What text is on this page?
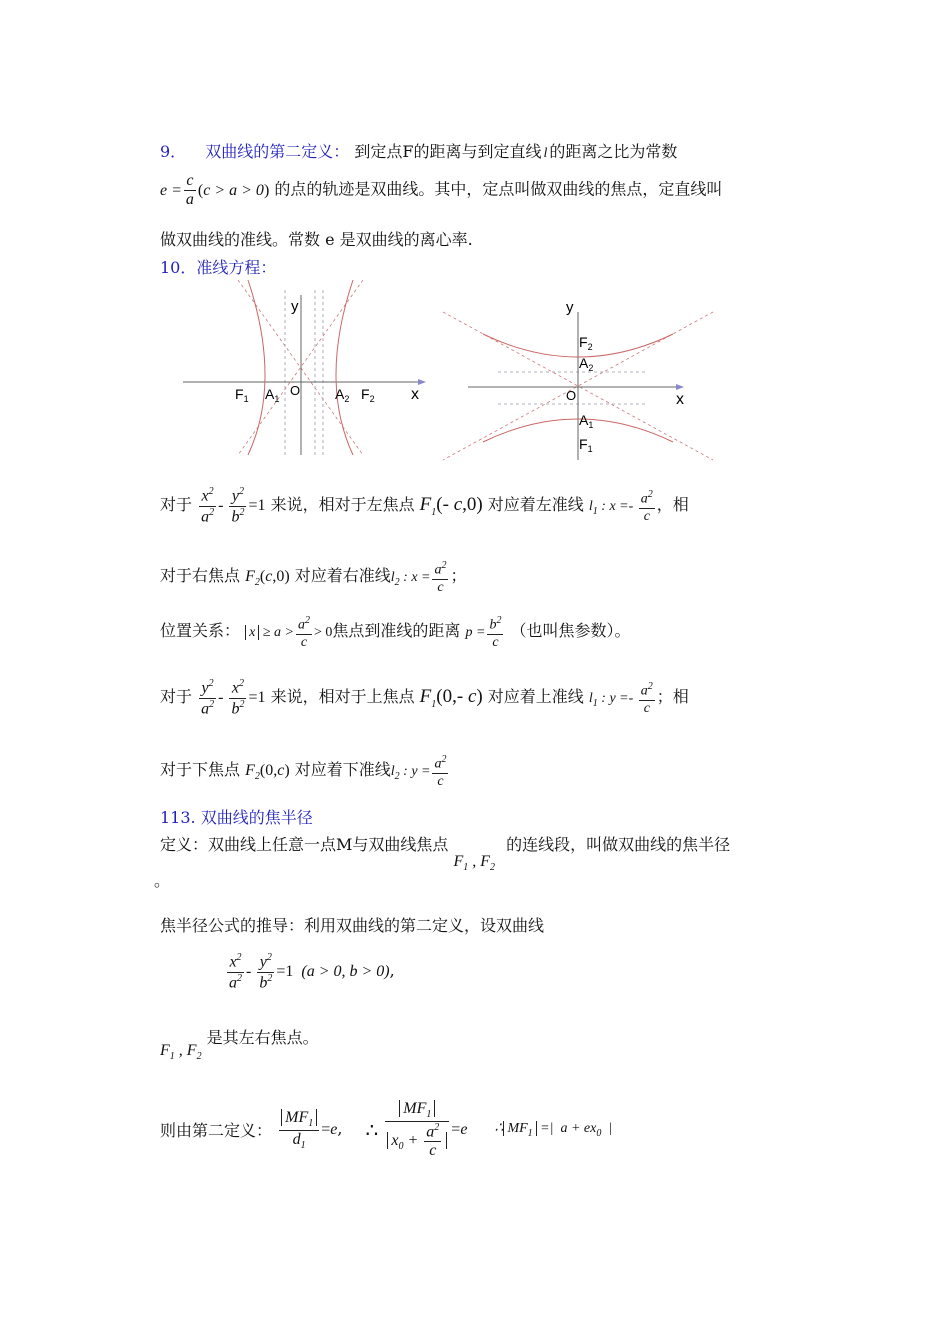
9． 双曲线的第二定义： 到定点F的距离与到定直线 l 的距离之比为常数
$e = \frac{c}{a} (c > a > 0)$ 的点的轨迹是双曲线。其中，定点叫做双曲线的焦点，定直线叫
做双曲线的准线。常数 e 是双曲线的离心率.
10．准线方程：
y
x
O
$F_1$ $A_1$	$A_2$ $F_2$
y
x
O
$F_2$
$A_2$
$A_1$
$F_1$
对于 $\frac{x^2}{a^2} - \frac{y^2}{b^2} =1$ 来说，相对于左焦点 $F_1(-$ c,0) 对应着左准线 $l_1$ : $x =- \frac{a^2}{c}$ ，相
对于右焦点 $F_2(c,0)$ 对应着右准线$l_2$ : $x = \frac{a^2}{c}$ ；
位置关系： $x \ge a > \frac{a^2}{c} > 0$焦点到准线的距离 $p = \frac{b^2}{c}$ （也叫焦参数）。
对于 $\frac{y^2}{a^2} - \frac{x^2}{b^2} =1$ 来说，相对于上焦点 $F_1(0,-$ c) 对应着上准线 $l_1$ : $y =- \frac{a^2}{c}$ ；相
对于下焦点 $F_2(0,c)$ 对应着下准线$l_2$ : $y = \frac{a^2}{c}$
113. 双曲线的焦半径
定义：双曲线上任意一点M与双曲线焦点 $F_1$ , $F_2$ 的连线段，叫做双曲线的焦半径
。
焦半径公式的推导：利用双曲线的第二定义，设双曲线
$\frac{x^2}{a^2} - \frac{y^2}{b^2} =1$ (a > 0, b > 0),
$F_1$ , $F_2$ 是其左右焦点。
则由第二定义： $\frac{MF_1}{d_1} =e$, ∴ $\frac{MF_1}{x_0 + \frac{a^2}{c}} =e$ ∴ $MF_1$ =|  $a + ex_0$  |
